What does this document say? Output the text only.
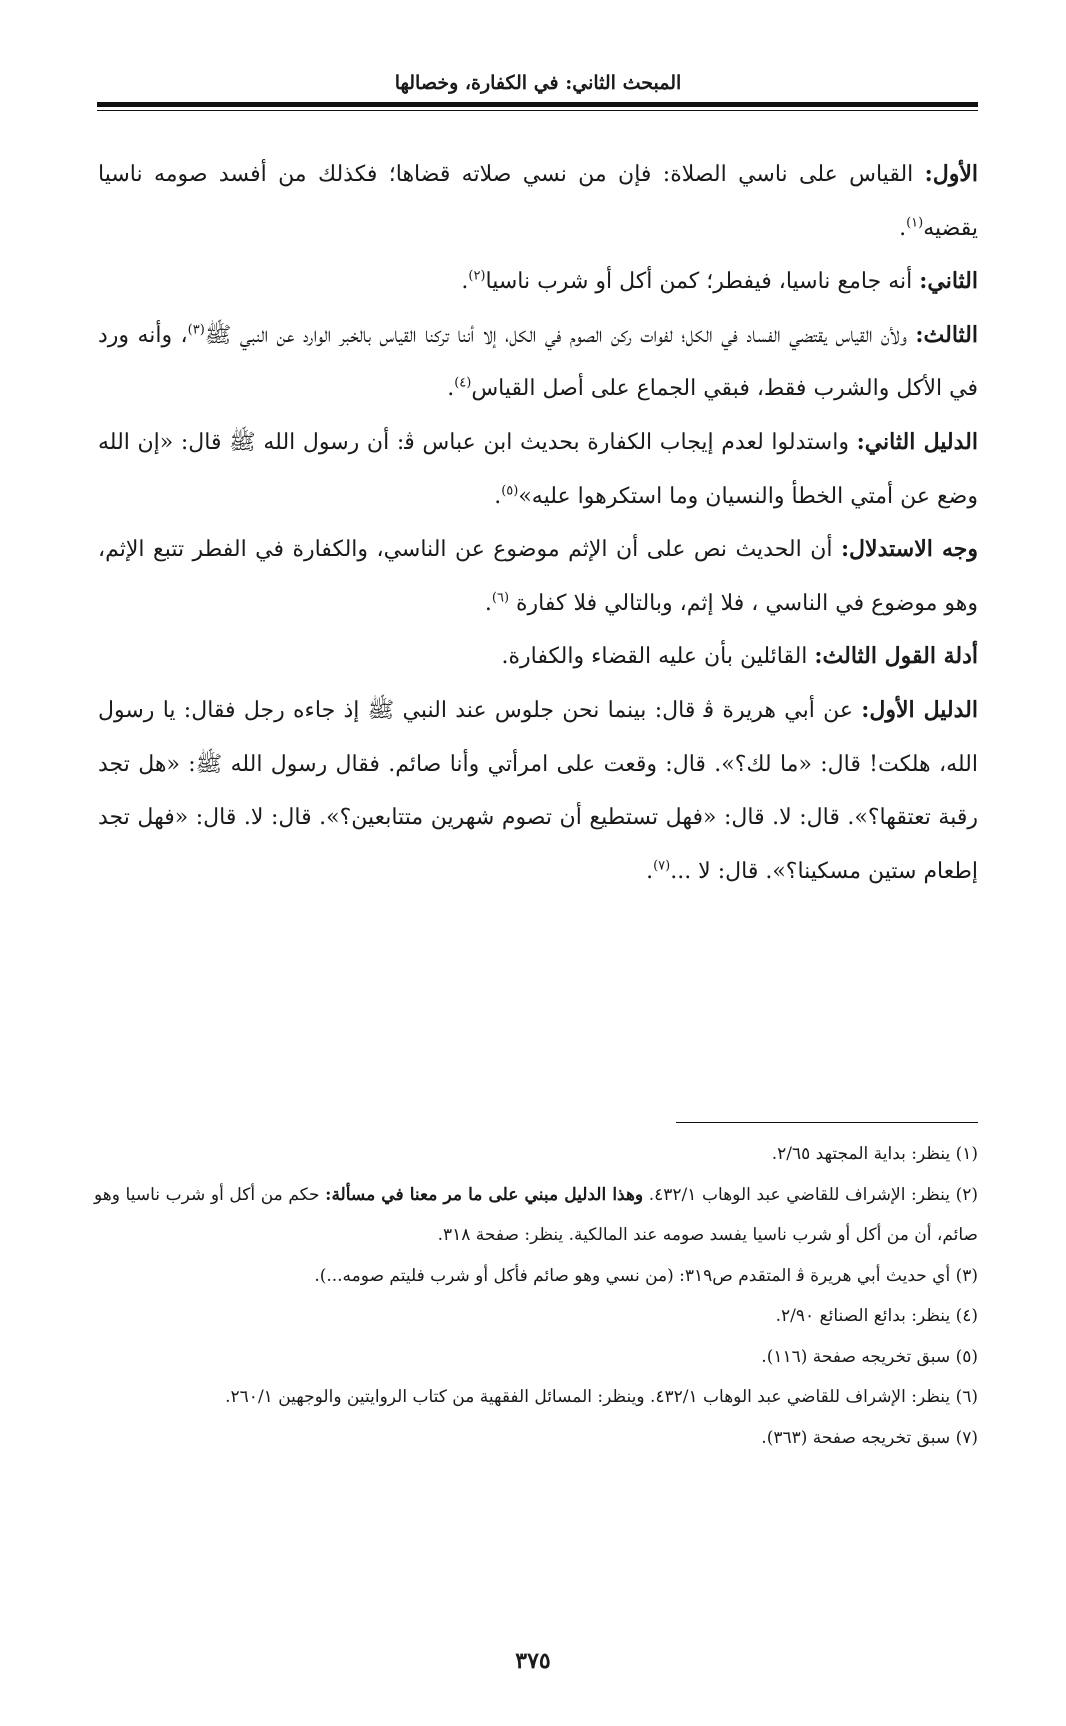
المبحث الثاني: في الكفارة، وخصالها

الأول: القياس على ناسي الصلاة: فإن من نسي صلاته قضاها؛ فكذلك من أفسد صومه ناسيا يقضيه$^{(١)}$.

الثاني: أنه جامع ناسيا، فيفطر؛ كمن أكل أو شرب ناسيا$^{(٢)}$.

الثالث: ولأن القياس يقتضي الفساد في الكل؛ لفوات ركن الصوم في الكل، إلا أننا تركنا القياس بالخبر الوارد عن النبي ﷺ$^{(٣)}$، وأنه ورد في الأكل والشرب فقط، فبقي الجماع على أصل القياس$^{(٤)}$.

الدليل الثاني: واستدلوا لعدم إيجاب الكفارة بحديث ابن عباس ﭬ: أن رسول الله ﷺ قال: «إن الله وضع عن أمتي الخطأ والنسيان وما استكرهوا عليه»$^{(٥)}$.

وجه الاستدلال: أن الحديث نص على أن الإثم موضوع عن الناسي، والكفارة في الفطر تتبع الإثم، وهو موضوع في الناسي ، فلا إثم، وبالتالي فلا كفارة $^{(٦)}$.

أدلة القول الثالث: القائلين بأن عليه القضاء والكفارة.

الدليل الأول: عن أبي هريرة ﭬ قال: بينما نحن جلوس عند النبي ﷺ إذ جاءه رجل فقال: يا رسول الله، هلكت! قال: «ما لك؟». قال: وقعت على امرأتي وأنا صائم. فقال رسول الله ﷺ: «هل تجد رقبة تعتقها؟». قال: لا. قال: «فهل تستطيع أن تصوم شهرين متتابعين؟». قال: لا. قال: «فهل تجد إطعام ستين مسكينا؟». قال: لا ...$^{(٧)}$.

(١) ينظر: بداية المجتهد ٢/٦٥.

(٢) ينظر: الإشراف للقاضي عبد الوهاب ٤٣٢/١. وهذا الدليل مبني على ما مر معنا في مسألة: حكم من أكل أو شرب ناسيا وهو صائم، أن من أكل أو شرب ناسيا يفسد صومه عند المالكية. ينظر: صفحة ٣١٨.

(٣) أي حديث أبي هريرة ﭬ المتقدم ص٣١٩: (من نسي وهو صائم فأكل أو شرب فليتم صومه...).

(٤) ينظر: بدائع الصنائع ٢/٩٠.

(٥) سبق تخريجه صفحة (١١٦).

(٦) ينظر: الإشراف للقاضي عبد الوهاب ٤٣٢/١. وينظر: المسائل الفقهية من كتاب الروايتين والوجهين ٢٦٠/١.

(٧) سبق تخريجه صفحة (٣٦٣).

٣٧٥
